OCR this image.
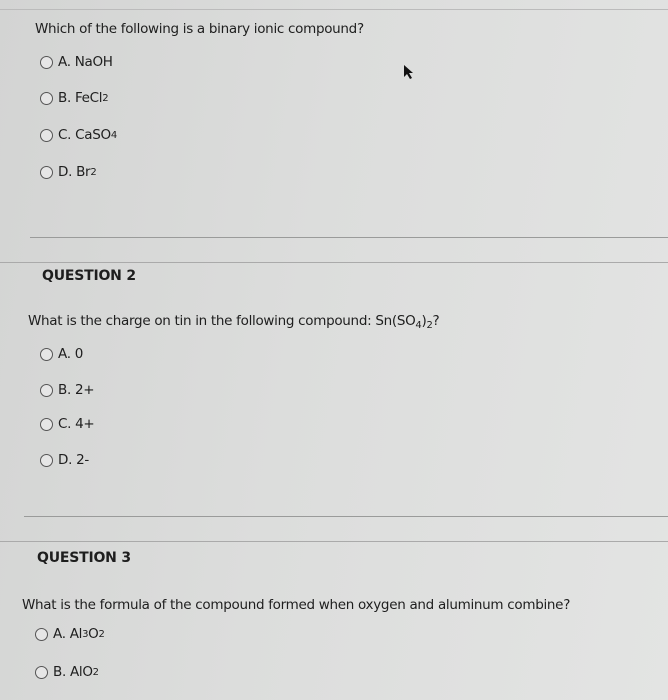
Which of the following is a binary ionic compound?
A.
NaOH
B.
FeCl 2
C.
CaSO 4
D.
Br 2
QUESTION 2
What is the charge on tin in the following compound: $Sn(SO_4)_2$?
A.
0
B.
2+
C.
4+
D.
2-
QUESTION 3
What is the formula of the compound formed when oxygen and aluminum combine?
A.
Al 3 O 2
B.
AlO 2
